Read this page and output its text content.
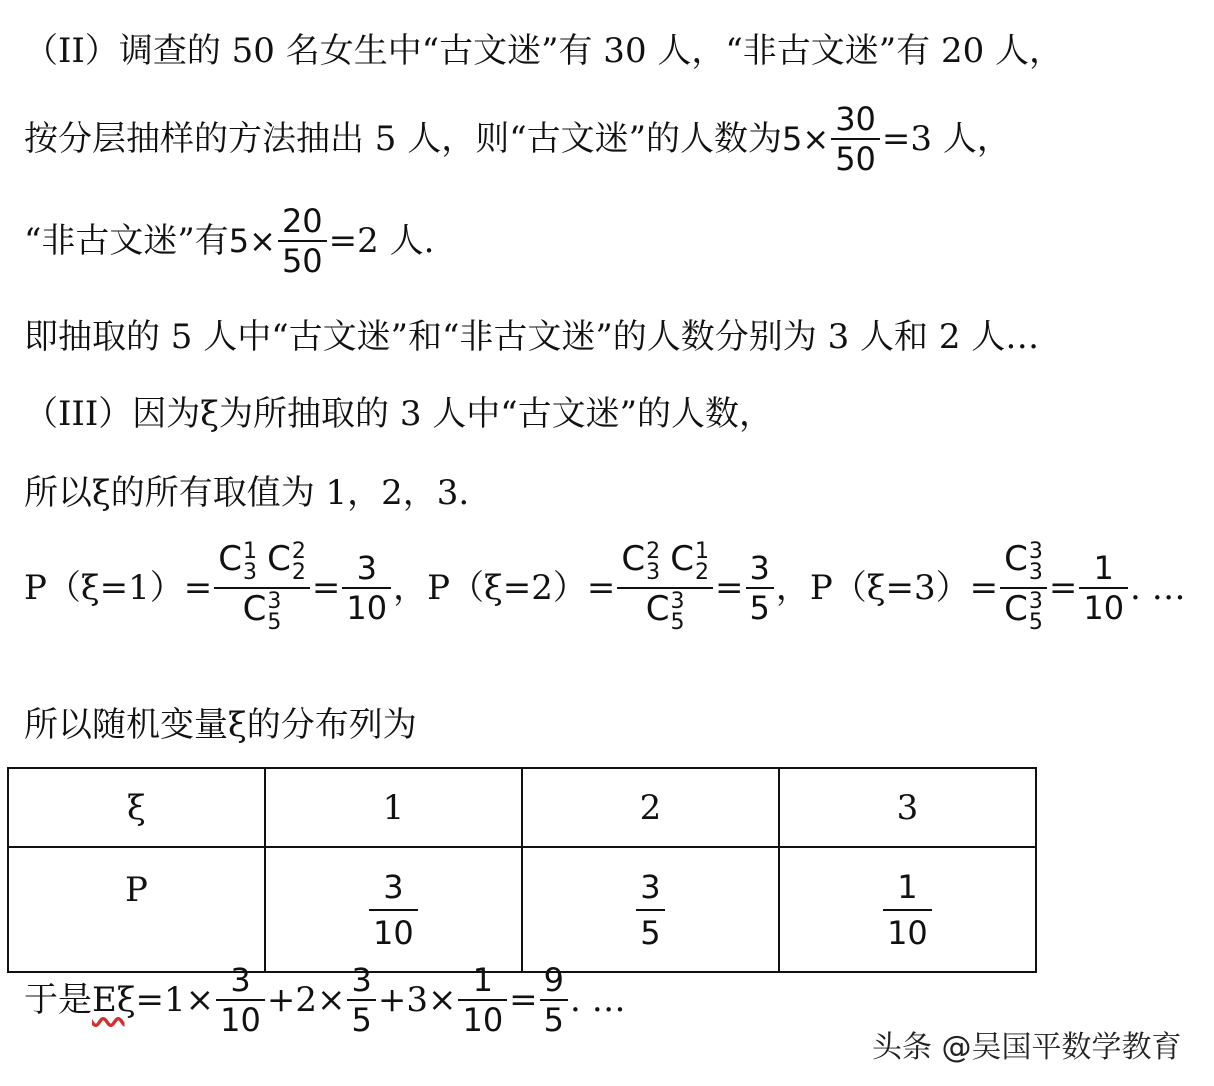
（II）调查的 50 名女生中“古文迷”有 30 人，“非古文迷”有 20 人，
按分层抽样的方法抽出 5 人，则“古文迷”的人数为 $5\times \frac{30}{50} =3$ 人，
“非古文迷”有 $5\times \frac{20}{50} =2$ 人.
即抽取的 5 人中“古文迷”和“非古文迷”的人数分别为 3 人和 2 人…
（III）因为ξ为所抽取的 3 人中“古文迷”的人数，
所以ξ的所有取值为 1，2，3.
P（ξ=1）= C 1
3
C 2
2
C 3
$5 = \frac{3}{10}$ ， P（ξ=2）= C 2
3
C 1
2
C 3
$5 = \frac{3}{5}$ ， P（ξ=3）= C 3
3
C 3
$5 = \frac{1}{10}$ . …
所以随机变量ξ的分布列为
ξ	1	2	3
P	$\frac{3}{10}$	$\frac{3}{5}$	$\frac{1}{10}$
于是 $E\xi =1\times \frac{3}{10} +2\times \frac{3}{5} +3\times \frac{1}{10} = \frac{9}{5}$ . …
头条 @吴国平数学教育
